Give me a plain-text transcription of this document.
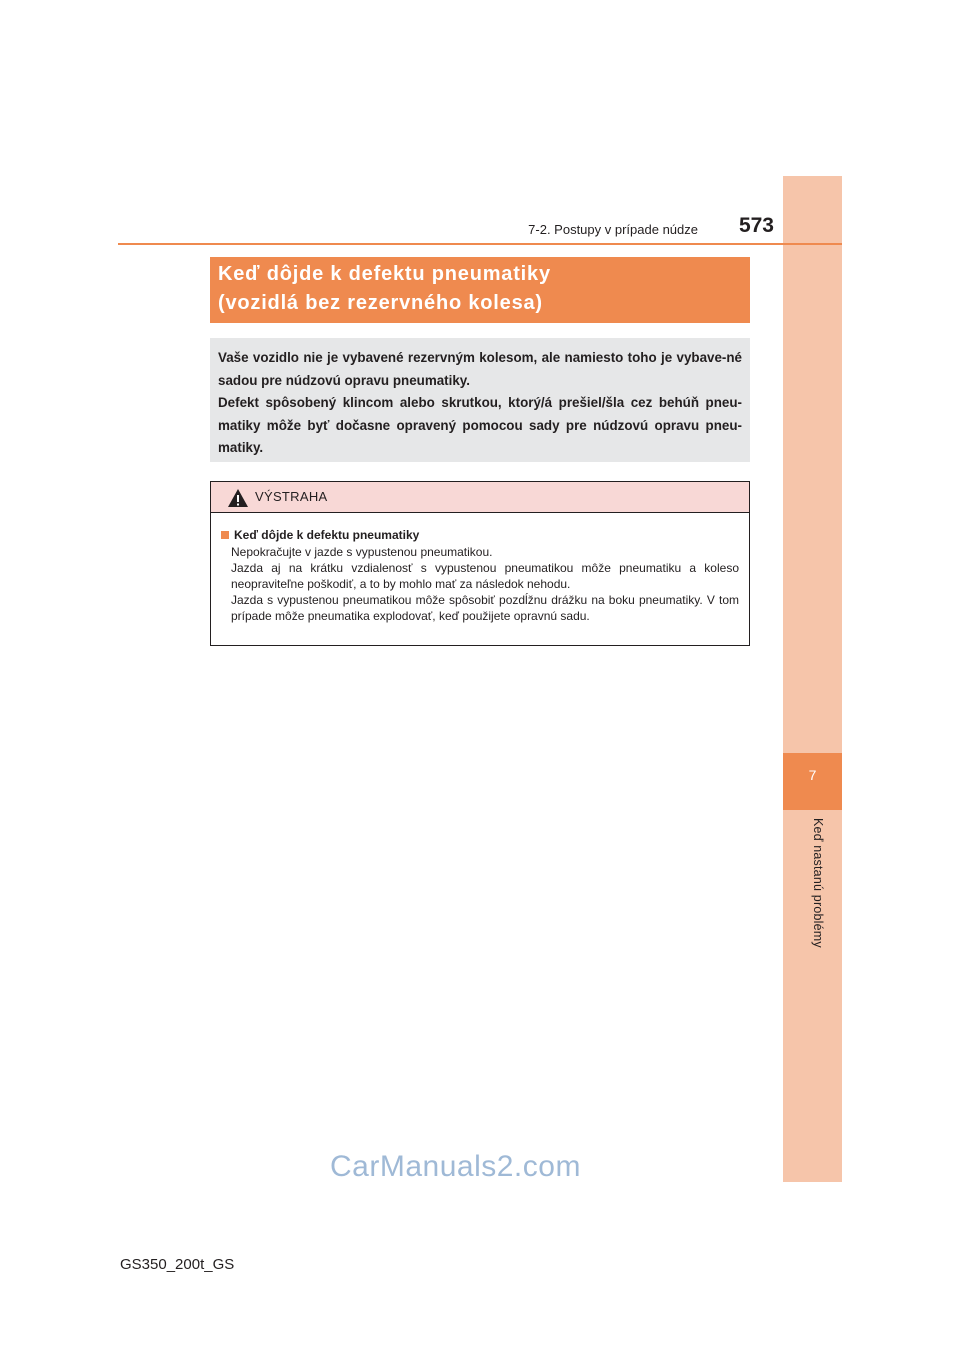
7
Keď nastanú problémy
7-2. Postupy v prípade núdze	573
Keď dôjde k defektu pneumatiky
(vozidlá bez rezervného kolesa)

Vaše vozidlo nie je vybavené rezervným kolesom, ale namiesto toho je vybave-né sadou pre núdzovú opravu pneumatiky.

Defekt spôsobený klincom alebo skrutkou, ktorý/á prešiel/šla cez behúň pneu-matiky môže byť dočasne opravený pomocou sady pre núdzovú opravu pneu-matiky.

VÝSTRAHA
Keď dôjde k defektu pneumatiky

Nepokračujte v jazde s vypustenou pneumatikou.

Jazda aj na krátku vzdialenosť s vypustenou pneumatikou môže pneumatiku a koleso neopraviteľne poškodiť, a to by mohlo mať za následok nehodu.

Jazda s vypustenou pneumatikou môže spôsobiť pozdĺžnu drážku na boku pneumatiky. V tom prípade môže pneumatika explodovať, keď použijete opravnú sadu.

CarManuals2.com
GS350_200t_GS
